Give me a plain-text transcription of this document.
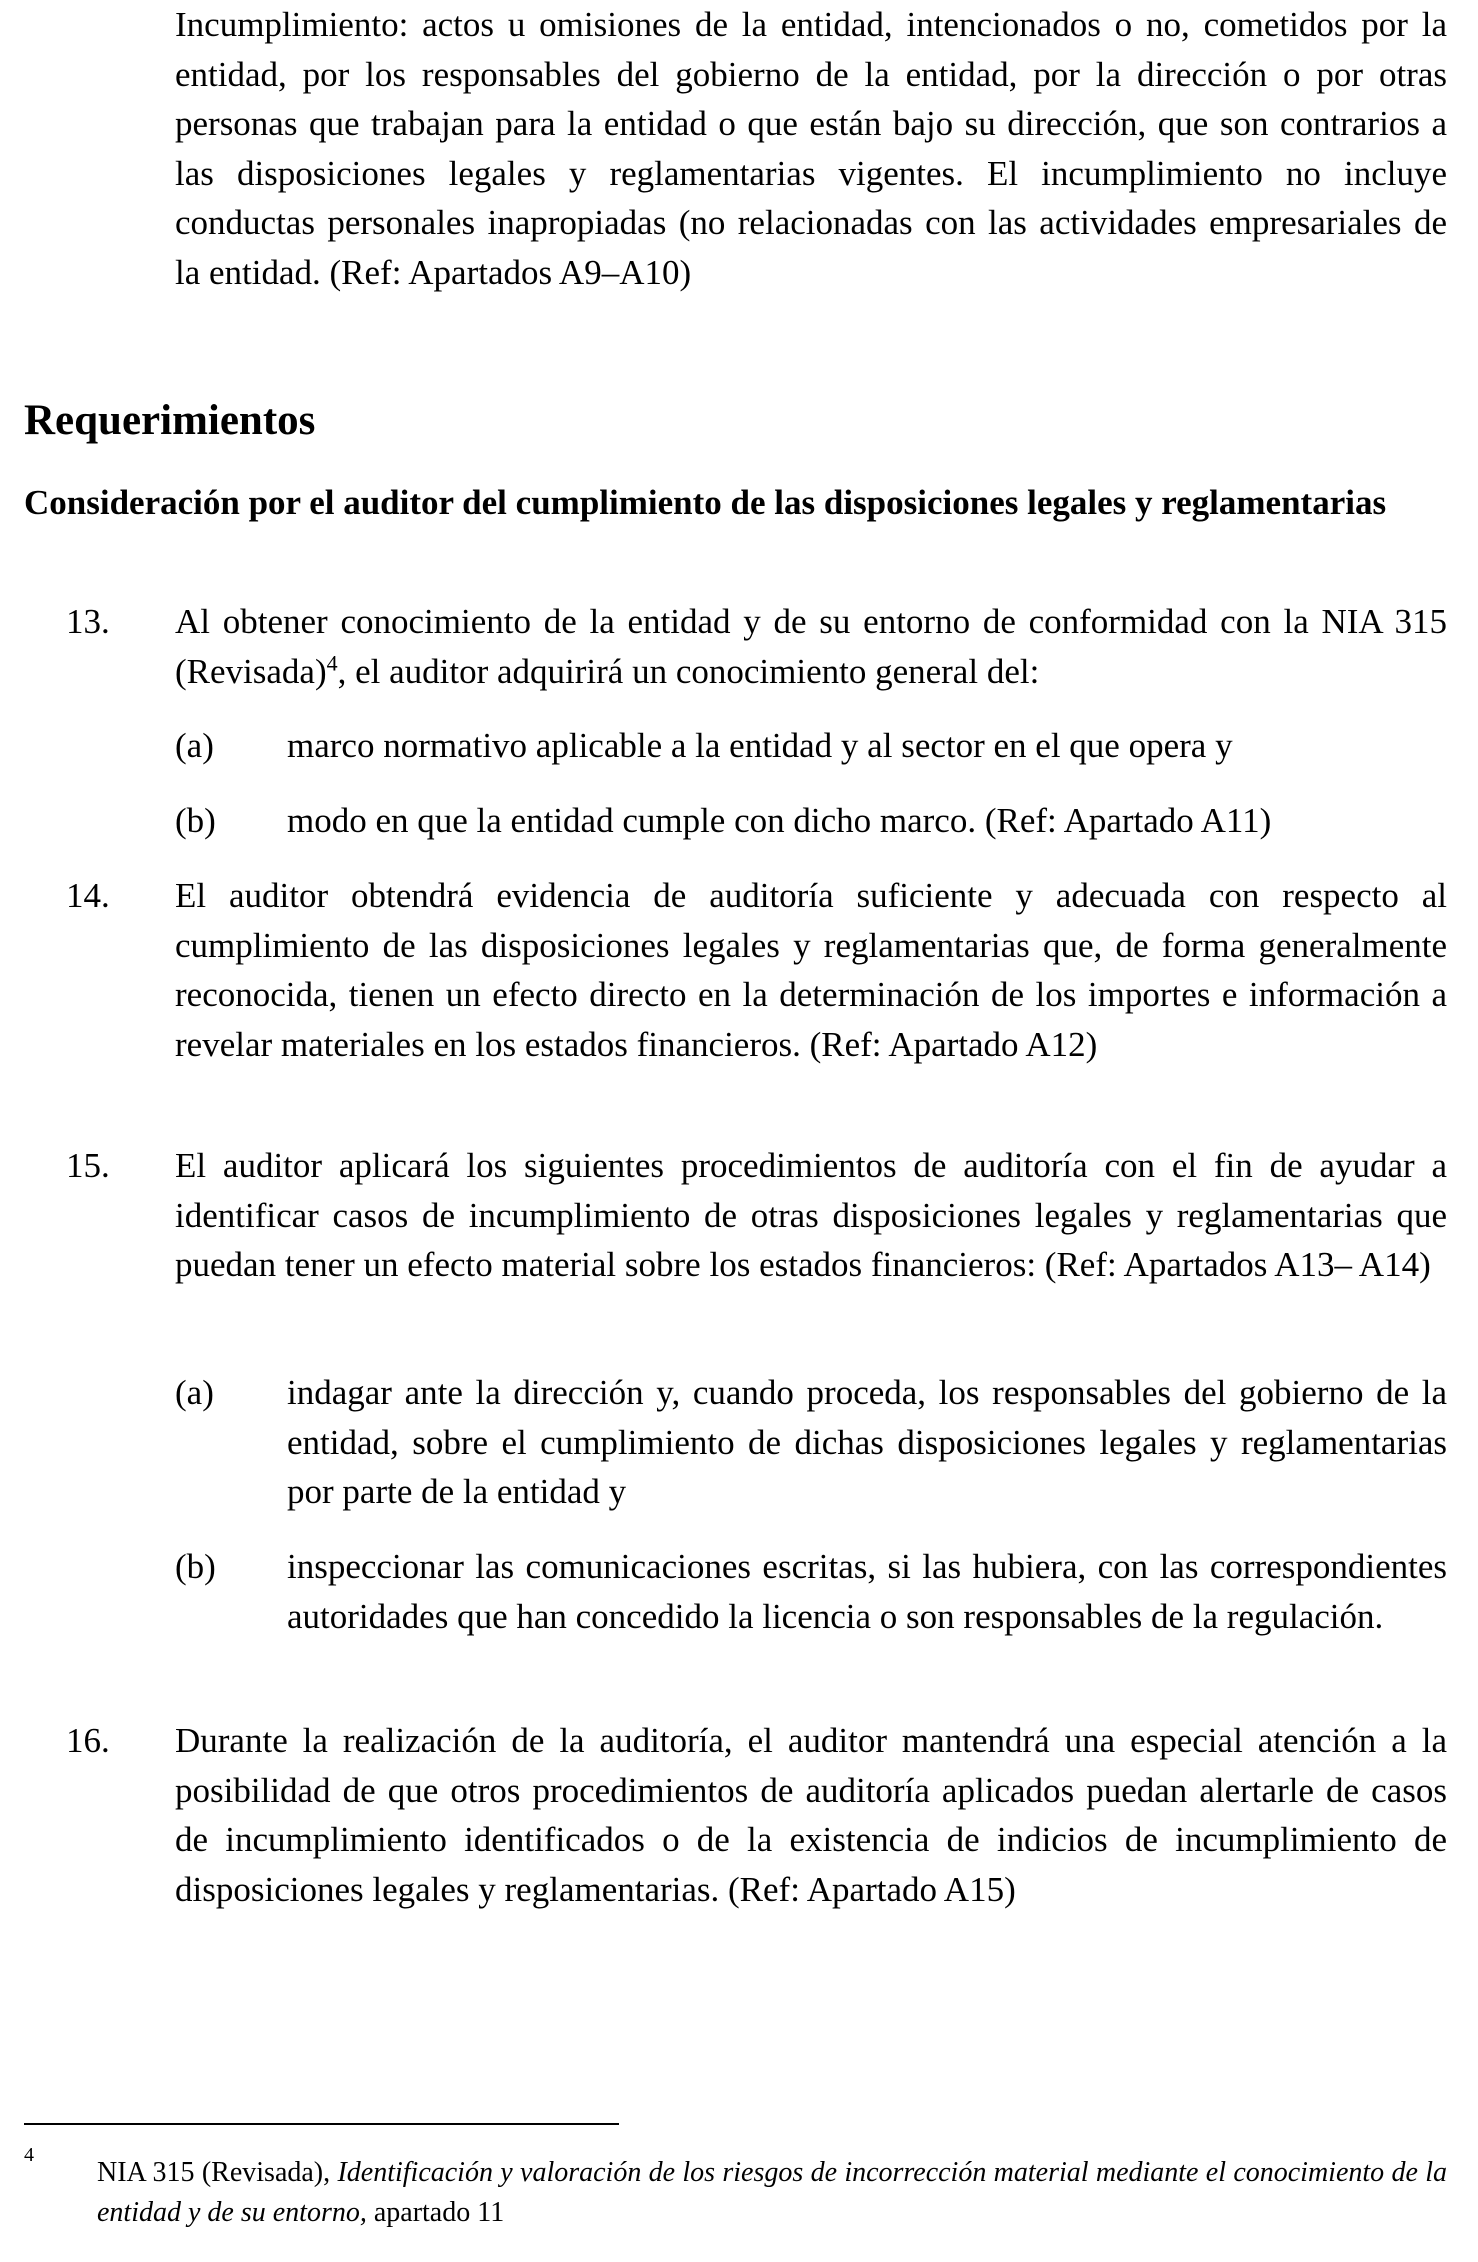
Incumplimiento: actos u omisiones de la entidad, intencionados o no, cometidos por la entidad, por los responsables del gobierno de la entidad, por la dirección o por otras personas que trabajan para la entidad o que están bajo su dirección, que son contrarios a las disposiciones legales y reglamentarias vigentes. El incumplimiento no incluye conductas personales inapropiadas (no relacionadas con las actividades empresariales de la entidad. (Ref: Apartados A9–A10)
Requerimientos
Consideración por el auditor del cumplimiento de las disposiciones legales y reglamentarias
13. Al obtener conocimiento de la entidad y de su entorno de conformidad con la NIA 315 (Revisada)$^4$, el auditor adquirirá un conocimiento general del:
(a) marco normativo aplicable a la entidad y al sector en el que opera y
(b) modo en que la entidad cumple con dicho marco. (Ref: Apartado A11)
14. El auditor obtendrá evidencia de auditoría suficiente y adecuada con respecto al cumplimiento de las disposiciones legales y reglamentarias que, de forma generalmente reconocida, tienen un efecto directo en la determinación de los importes e información a revelar materiales en los estados financieros. (Ref: Apartado A12)
15. El auditor aplicará los siguientes procedimientos de auditoría con el fin de ayudar a identificar casos de incumplimiento de otras disposiciones legales y reglamentarias que puedan tener un efecto material sobre los estados financieros: (Ref: Apartados A13– A14)
(a) indagar ante la dirección y, cuando proceda, los responsables del gobierno de la entidad, sobre el cumplimiento de dichas disposiciones legales y reglamentarias por parte de la entidad y
(b) inspeccionar las comunicaciones escritas, si las hubiera, con las correspondientes autoridades que han concedido la licencia o son responsables de la regulación.
16. Durante la realización de la auditoría, el auditor mantendrá una especial atención a la posibilidad de que otros procedimientos de auditoría aplicados puedan alertarle de casos de incumplimiento identificados o de la existencia de indicios de incumplimiento de disposiciones legales y reglamentarias. (Ref: Apartado A15)
4
NIA 315 (Revisada), Identificación y valoración de los riesgos de incorrección material mediante el conocimiento de la entidad y de su entorno, apartado 11
